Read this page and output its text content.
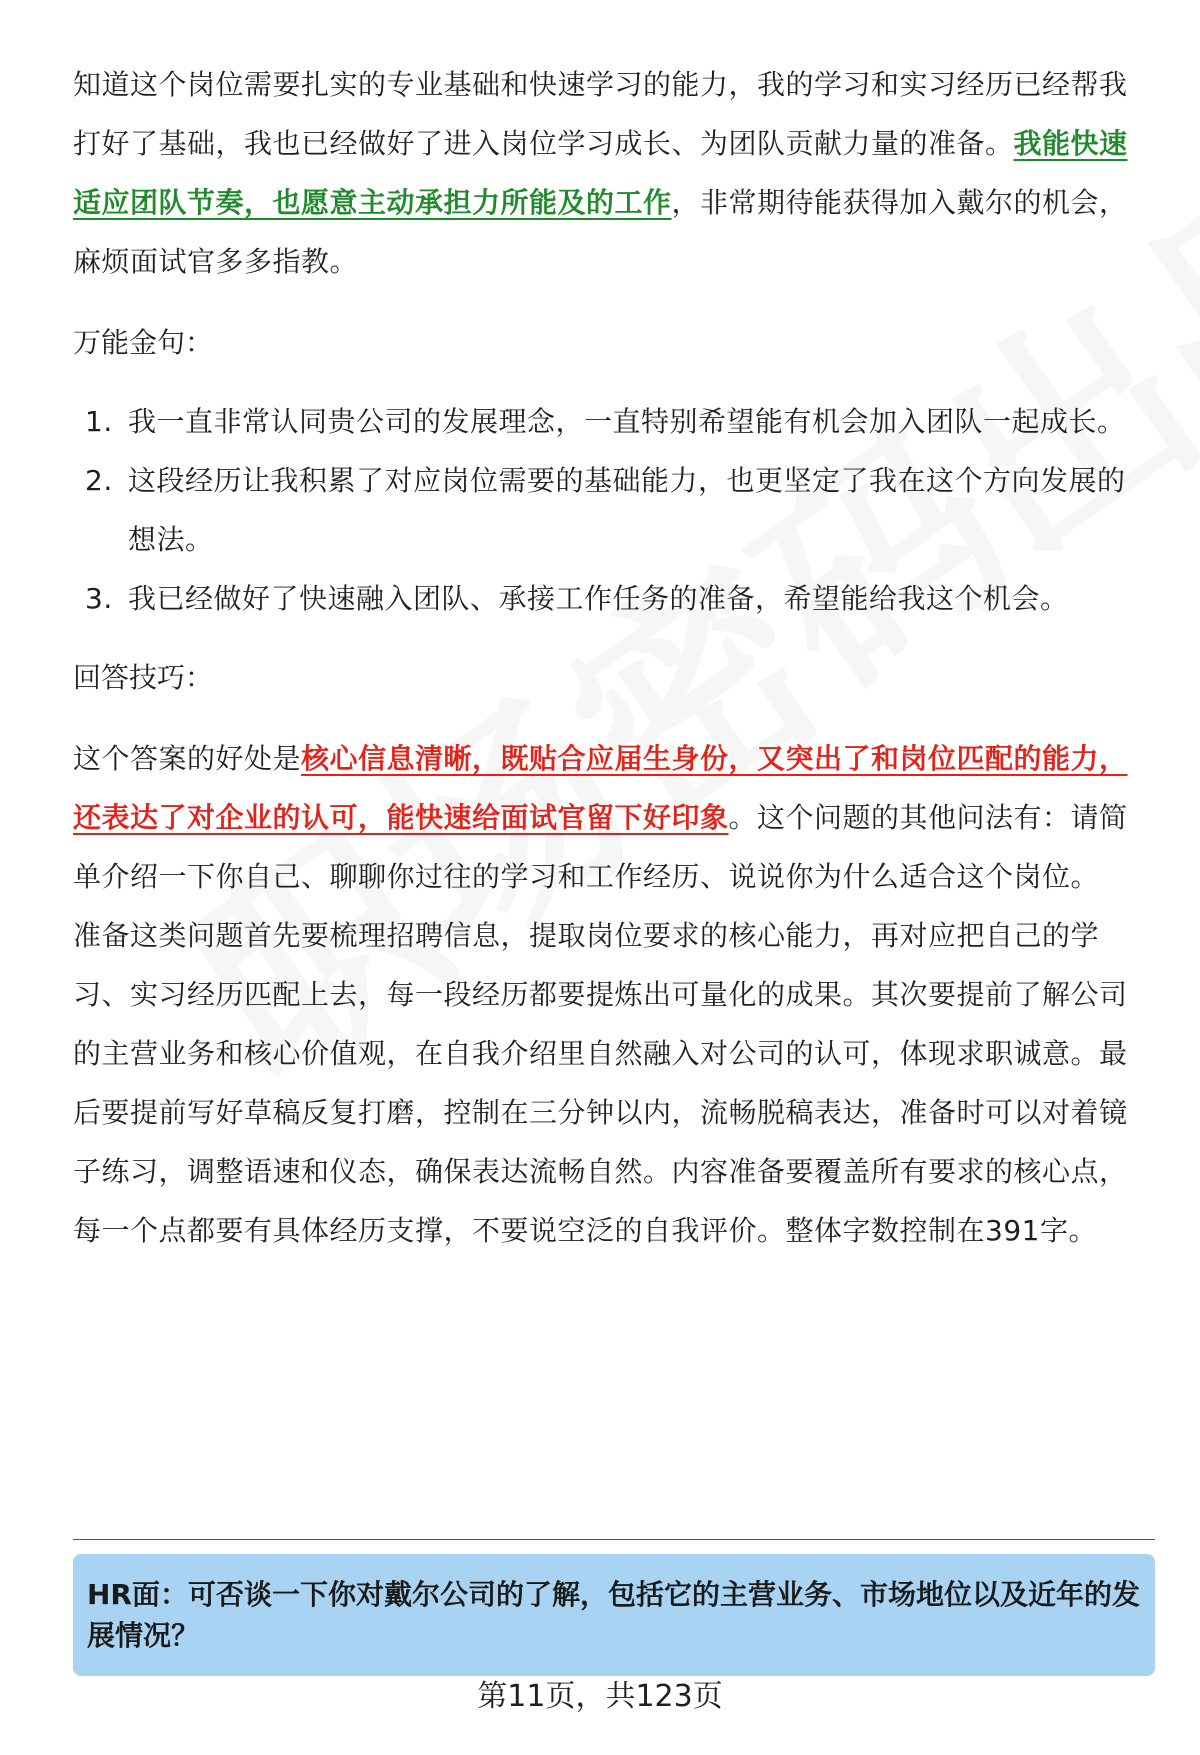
知道这个岗位需要扎实的专业基础和快速学习的能力，我的学习和实习经历已经帮我打好了基础，我也已经做好了进入岗位学习成长、为团队贡献力量的准备。我能快速适应团队节奏，也愿意主动承担力所能及的工作，非常期待能获得加入戴尔的机会，麻烦面试官多多指教。

万能金句：

1. 我一直非常认同贵公司的发展理念，一直特别希望能有机会加入团队一起成长。
2. 这段经历让我积累了对应岗位需要的基础能力，也更坚定了我在这个方向发展的想法。
3. 我已经做好了快速融入团队、承接工作任务的准备，希望能给我这个机会。

回答技巧：

这个答案的好处是核心信息清晰，既贴合应届生身份，又突出了和岗位匹配的能力，还表达了对企业的认可，能快速给面试官留下好印象。这个问题的其他问法有：请简单介绍一下你自己、聊聊你过往的学习和工作经历、说说你为什么适合这个岗位。

准备这类问题首先要梳理招聘信息，提取岗位要求的核心能力，再对应把自己的学习、实习经历匹配上去，每一段经历都要提炼出可量化的成果。其次要提前了解公司的主营业务和核心价值观，在自我介绍里自然融入对公司的认可，体现求职诚意。最后要提前写好草稿反复打磨，控制在三分钟以内，流畅脱稿表达，准备时可以对着镜子练习，调整语速和仪态，确保表达流畅自然。内容准备要覆盖所有要求的核心点，每一个点都要有具体经历支撑，不要说空泛的自我评价。整体字数控制在391字。

HR面：可否谈一下你对戴尔公司的了解，包括它的主营业务、市场地位以及近年的发展情况？
第11页，共123页
